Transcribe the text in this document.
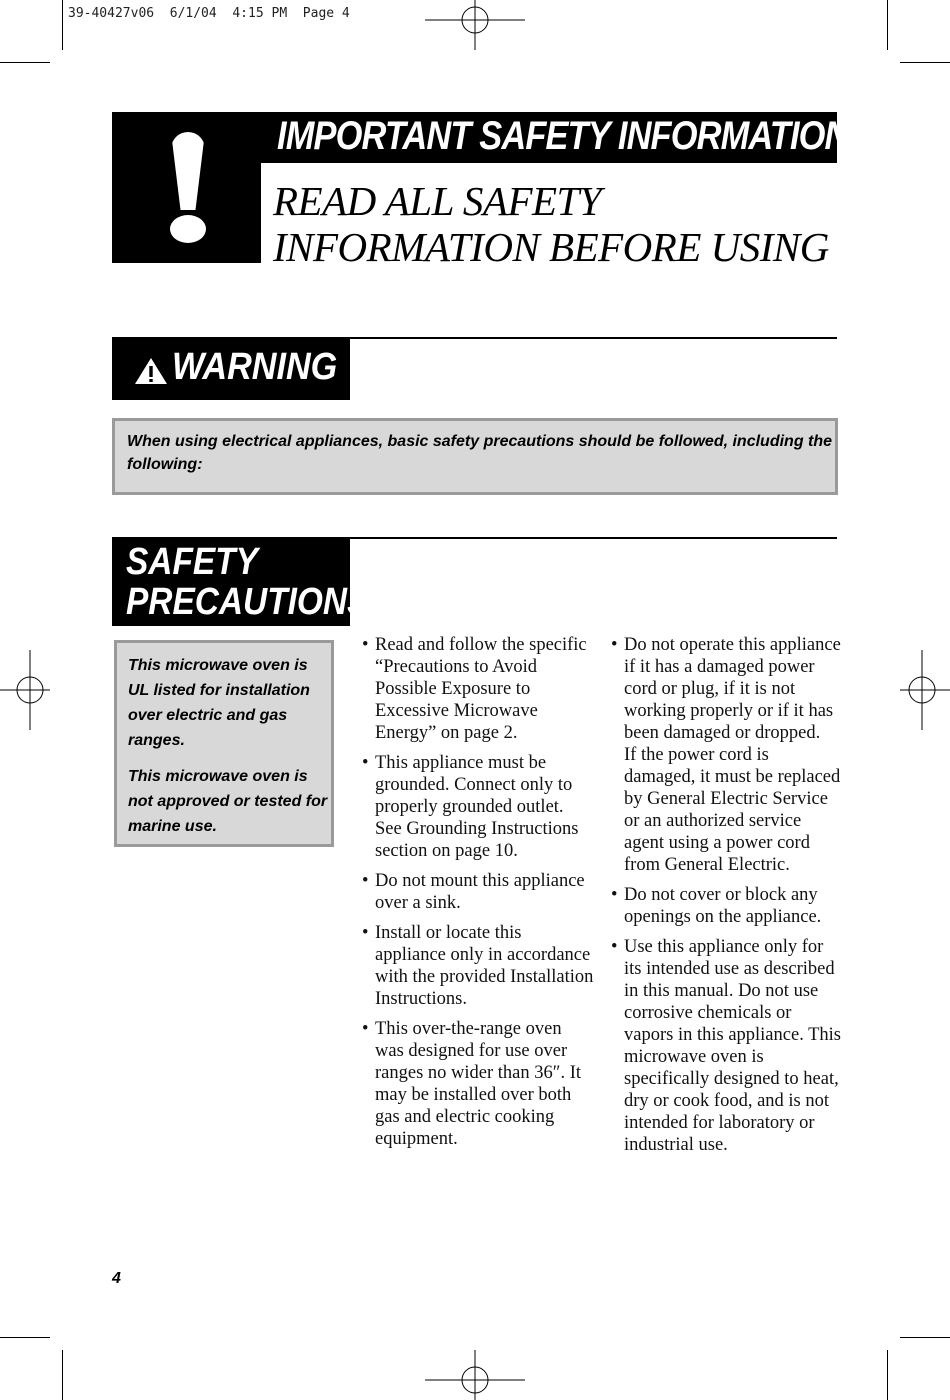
39-40427v06  6/1/04  4:15 PM  Page 4
IMPORTANT SAFETY INFORMATION
READ ALL SAFETY
INFORMATION BEFORE USING
WARNING
When using electrical appliances, basic safety precautions should be followed, including the following:
SAFETY
PRECAUTIONS

This microwave oven is UL listed for installation over electric and gas ranges.

This microwave oven is not approved or tested for marine use.

• Read and follow the specific “Precautions to Avoid Possible Exposure to Excessive Microwave Energy” on page 2.
• This appliance must be grounded. Connect only to properly grounded outlet. See Grounding Instructions section on page 10.
• Do not mount this appliance over a sink.
• Install or locate this appliance only in accordance with the provided Installation Instructions.
• This over-the-range oven was designed for use over ranges no wider than 36″. It may be installed over both gas and electric cooking equipment.
• Do not operate this appliance if it has a damaged power cord or plug, if it is not working properly or if it has been damaged or dropped.
If the power cord is damaged, it must be replaced by General Electric Service or an authorized service agent using a power cord from General Electric.
• Do not cover or block any openings on the appliance.
• Use this appliance only for its intended use as described in this manual. Do not use corrosive chemicals or vapors in this appliance. This microwave oven is specifically designed to heat, dry or cook food, and is not intended for laboratory or industrial use.
4
